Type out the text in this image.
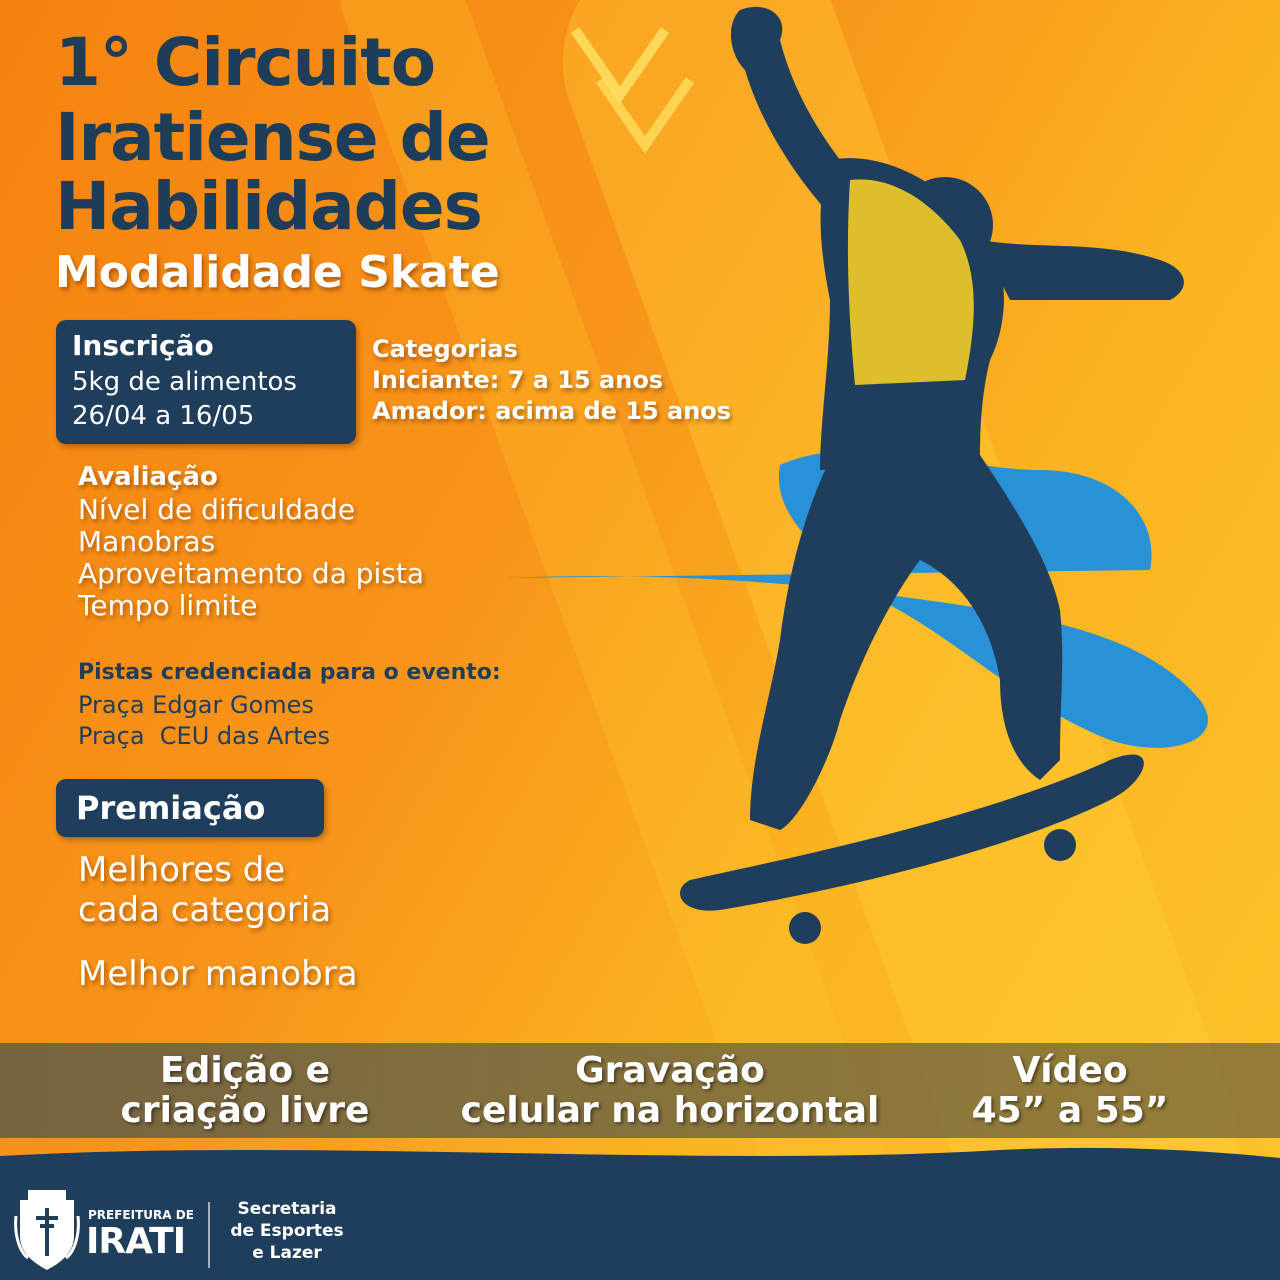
1° Circuito
Iratiense de
Habilidades
Modalidade Skate
Inscrição
5kg de alimentos
26/04 a 16/05
Categorias
Iniciante: 7 a 15 anos
Amador: acima de 15 anos
Avaliação
Nível de dificuldade
Manobras
Aproveitamento da pista
Tempo limite
Pistas credenciada para o evento:
Praça Edgar Gomes
Praça  CEU das Artes
Premiação
Melhores de
cada categoria
Melhor manobra
Edição e
criação livre
Gravação
celular na horizontal
Vídeo
45” a 55”
PREFEITURA DE
IRATI
Secretaria
de Esportes
e Lazer
